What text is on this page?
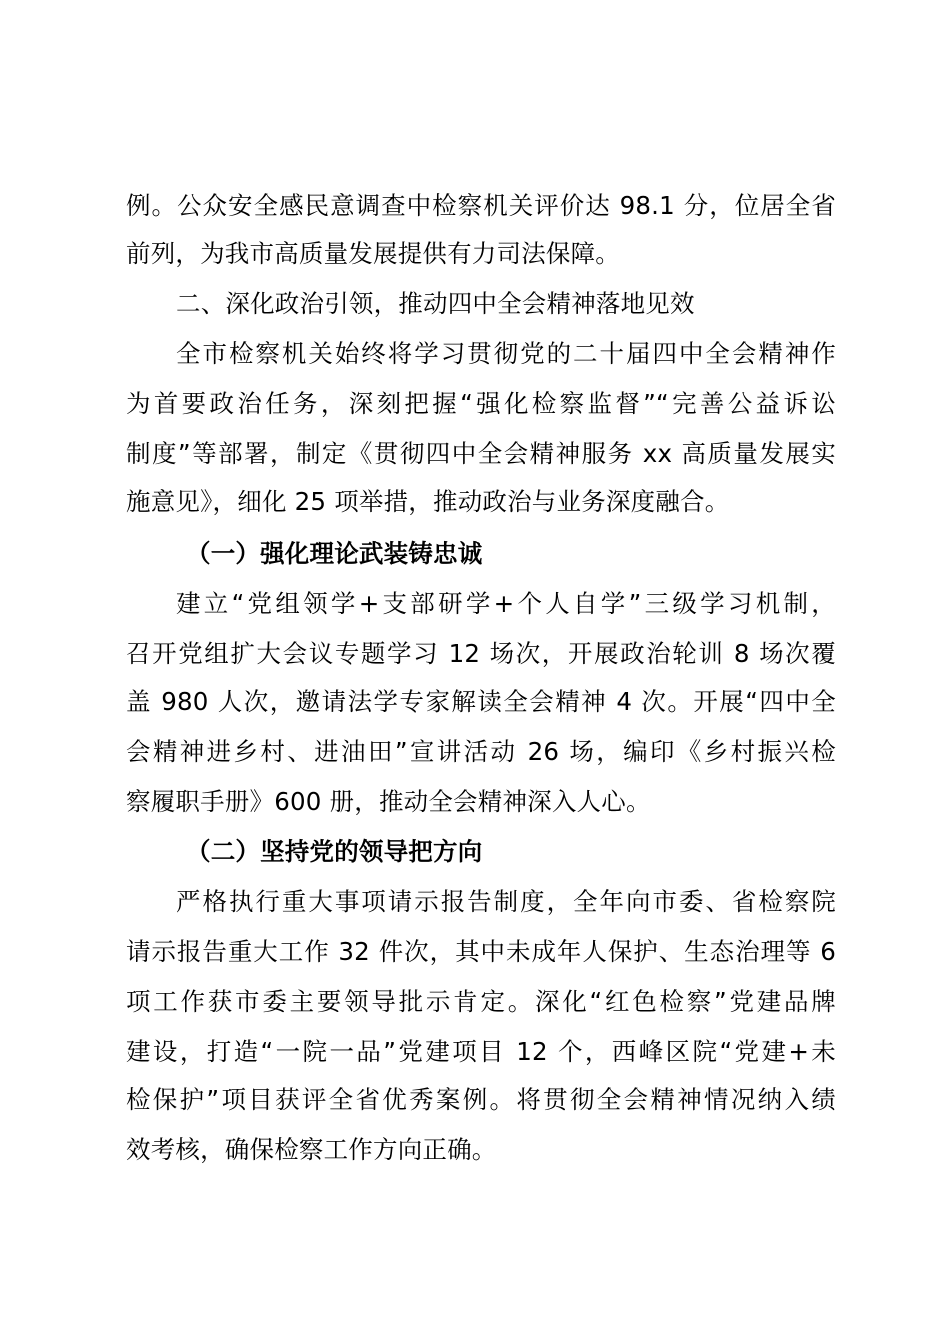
例。公众安全感民意调查中检察机关评价达 98.1 分，位居全省
前列，为我市高质量发展提供有力司法保障。
二、深化政治引领，推动四中全会精神落地见效
全市检察机关始终将学习贯彻党的二十届四中全会精神作
为首要政治任务，深刻把握“强化检察监督”“完善公益诉讼
制度”等部署，制定《贯彻四中全会精神服务 xx 高质量发展实
施意见》，细化 25 项举措，推动政治与业务深度融合。
（一）强化理论武装铸忠诚
建立“党组领学+支部研学+个人自学”三级学习机制，
召开党组扩大会议专题学习 12 场次，开展政治轮训 8 场次覆
盖 980 人次，邀请法学专家解读全会精神 4 次。开展“四中全
会精神进乡村、进油田”宣讲活动 26 场，编印《乡村振兴检
察履职手册》600 册，推动全会精神深入人心。
（二）坚持党的领导把方向
严格执行重大事项请示报告制度，全年向市委、省检察院
请示报告重大工作 32 件次，其中未成年人保护、生态治理等 6
项工作获市委主要领导批示肯定。深化“红色检察”党建品牌
建设，打造“一院一品”党建项目 12 个，西峰区院“党建+未
检保护”项目获评全省优秀案例。将贯彻全会精神情况纳入绩
效考核，确保检察工作方向正确。
